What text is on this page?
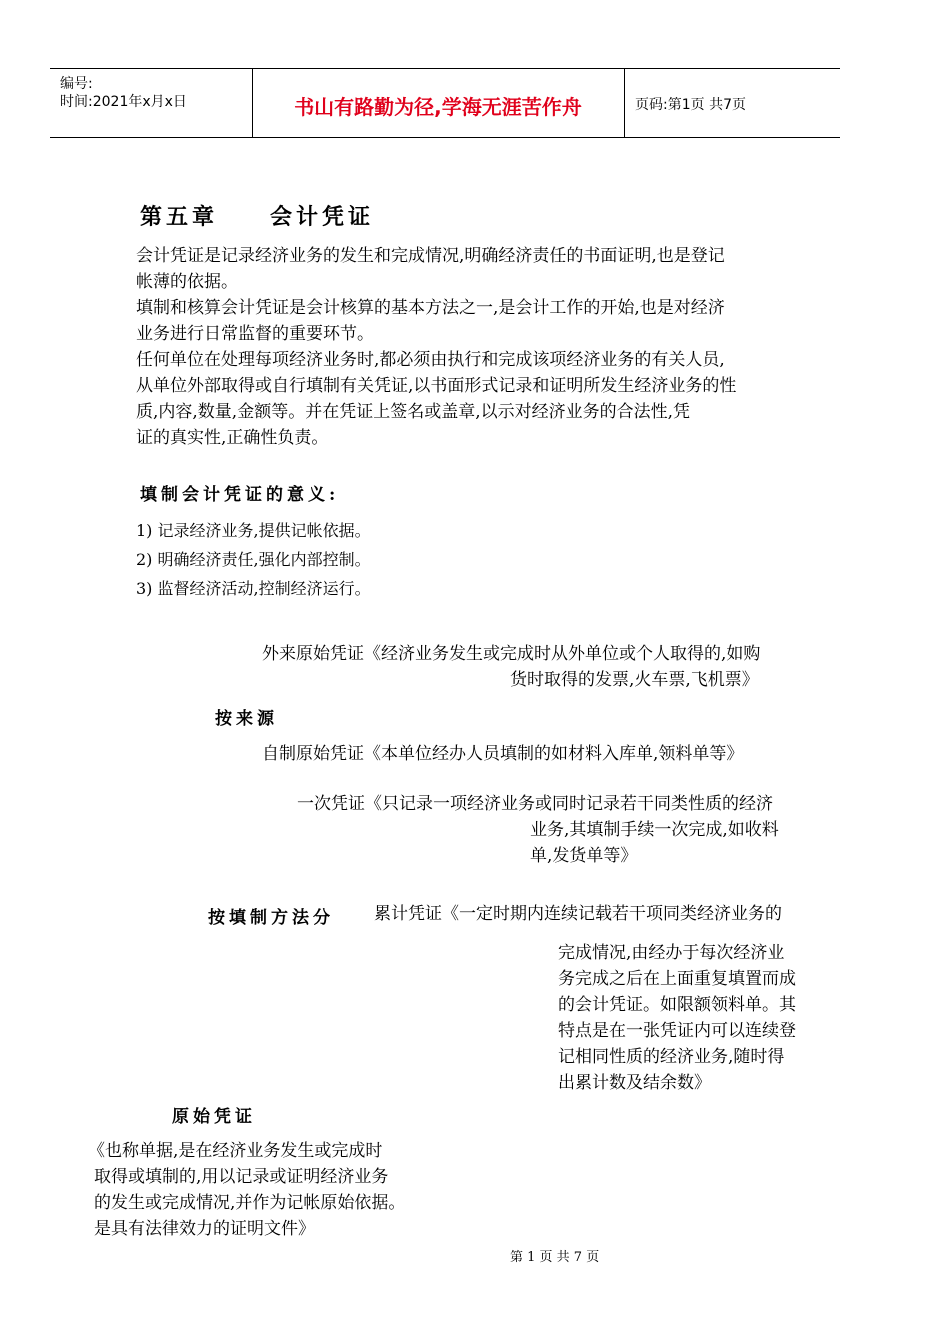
编号:
时间:2021年x月x日	书山有路勤为径,学海无涯苦作舟	页码:第1页 共7页
第五章　　会计凭证
会计凭证是记录经济业务的发生和完成情况,明确经济责任的书面证明,也是登记
帐薄的依据。
填制和核算会计凭证是会计核算的基本方法之一,是会计工作的开始,也是对经济
业务进行日常监督的重要环节。
任何单位在处理每项经济业务时,都必须由执行和完成该项经济业务的有关人员,
从单位外部取得或自行填制有关凭证,以书面形式记录和证明所发生经济业务的性
质,内容,数量,金额等。并在凭证上签名或盖章,以示对经济业务的合法性,凭
证的真实性,正确性负责。
填制会计凭证的意义:
1) 记录经济业务,提供记帐依据。
2) 明确经济责任,强化内部控制。
3) 监督经济活动,控制经济运行。
外来原始凭证《经济业务发生或完成时从外单位或个人取得的,如购
货时取得的发票,火车票,飞机票》
按来源
自制原始凭证《本单位经办人员填制的如材料入库单,领料单等》
一次凭证《只记录一项经济业务或同时记录若干同类性质的经济
业务,其填制手续一次完成,如收料
单,发货单等》
按填制方法分 累计凭证《一定时期内连续记载若干项同类经济业务的
完成情况,由经办于每次经济业
务完成之后在上面重复填置而成
的会计凭证。如限额领料单。其
特点是在一张凭证内可以连续登
记相同性质的经济业务,随时得
出累计数及结余数》
原始凭证
《也称单据,是在经济业务发生或完成时
取得或填制的,用以记录或证明经济业务
的发生或完成情况,并作为记帐原始依据。
是具有法律效力的证明文件》
第 1 页 共 7 页
